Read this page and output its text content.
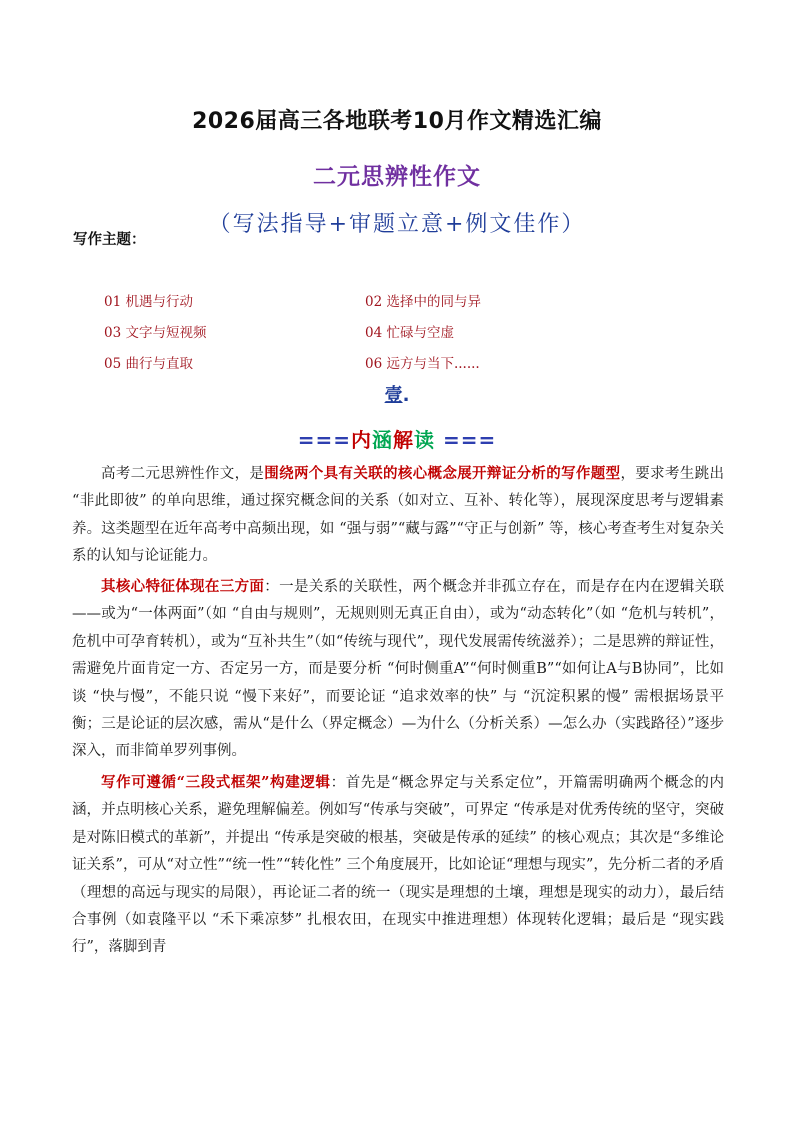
2026届高三各地联考10月作文精选汇编
二元思辨性作文
（写法指导+审题立意+例文佳作）
写作主题：
01 机遇与行动	02 选择中的同与异
03 文字与短视频	04 忙碌与空虚
05 曲行与直取	06 远方与当下......
壹.
===内涵解读 ===
高考二元思辨性作文，是围绕两个具有关联的核心概念展开辩证分析的写作题型，要求考生跳出 “非此即彼” 的单向思维，通过探究概念间的关系（如对立、互补、转化等），展现深度思考与逻辑素养。这类题型在近年高考中高频出现，如 “强与弱”“藏与露”“守正与创新” 等，核心考查考生对复杂关系的认知与论证能力。
其核心特征体现在三方面：一是关系的关联性，两个概念并非孤立存在，而是存在内在逻辑关联——或为“一体两面”（如 “自由与规则”，无规则则无真正自由），或为“动态转化”（如 “危机与转机”，危机中可孕育转机），或为“互补共生”（如“传统与现代”，现代发展需传统滋养）；二是思辨的辩证性，需避免片面肯定一方、否定另一方，而是要分析 “何时侧重A”“何时侧重B”“如何让A与B协同”，比如谈 “快与慢”，不能只说 “慢下来好”，而要论证 “追求效率的快” 与 “沉淀积累的慢” 需根据场景平衡；三是论证的层次感，需从“是什么（界定概念）—为什么（分析关系）—怎么办（实践路径）”逐步深入，而非简单罗列事例。
写作可遵循“三段式框架”构建逻辑：首先是“概念界定与关系定位”，开篇需明确两个概念的内涵，并点明核心关系，避免理解偏差。例如写“传承与突破”，可界定 “传承是对优秀传统的坚守，突破是对陈旧模式的革新”，并提出 “传承是突破的根基，突破是传承的延续” 的核心观点；其次是“多维论证关系”，可从“对立性”“统一性”“转化性” 三个角度展开，比如论证“理想与现实”，先分析二者的矛盾（理想的高远与现实的局限），再论证二者的统一（现实是理想的土壤，理想是现实的动力），最后结合事例（如袁隆平以 “禾下乘凉梦” 扎根农田，在现实中推进理想）体现转化逻辑；最后是 “现实践行”，落脚到青
